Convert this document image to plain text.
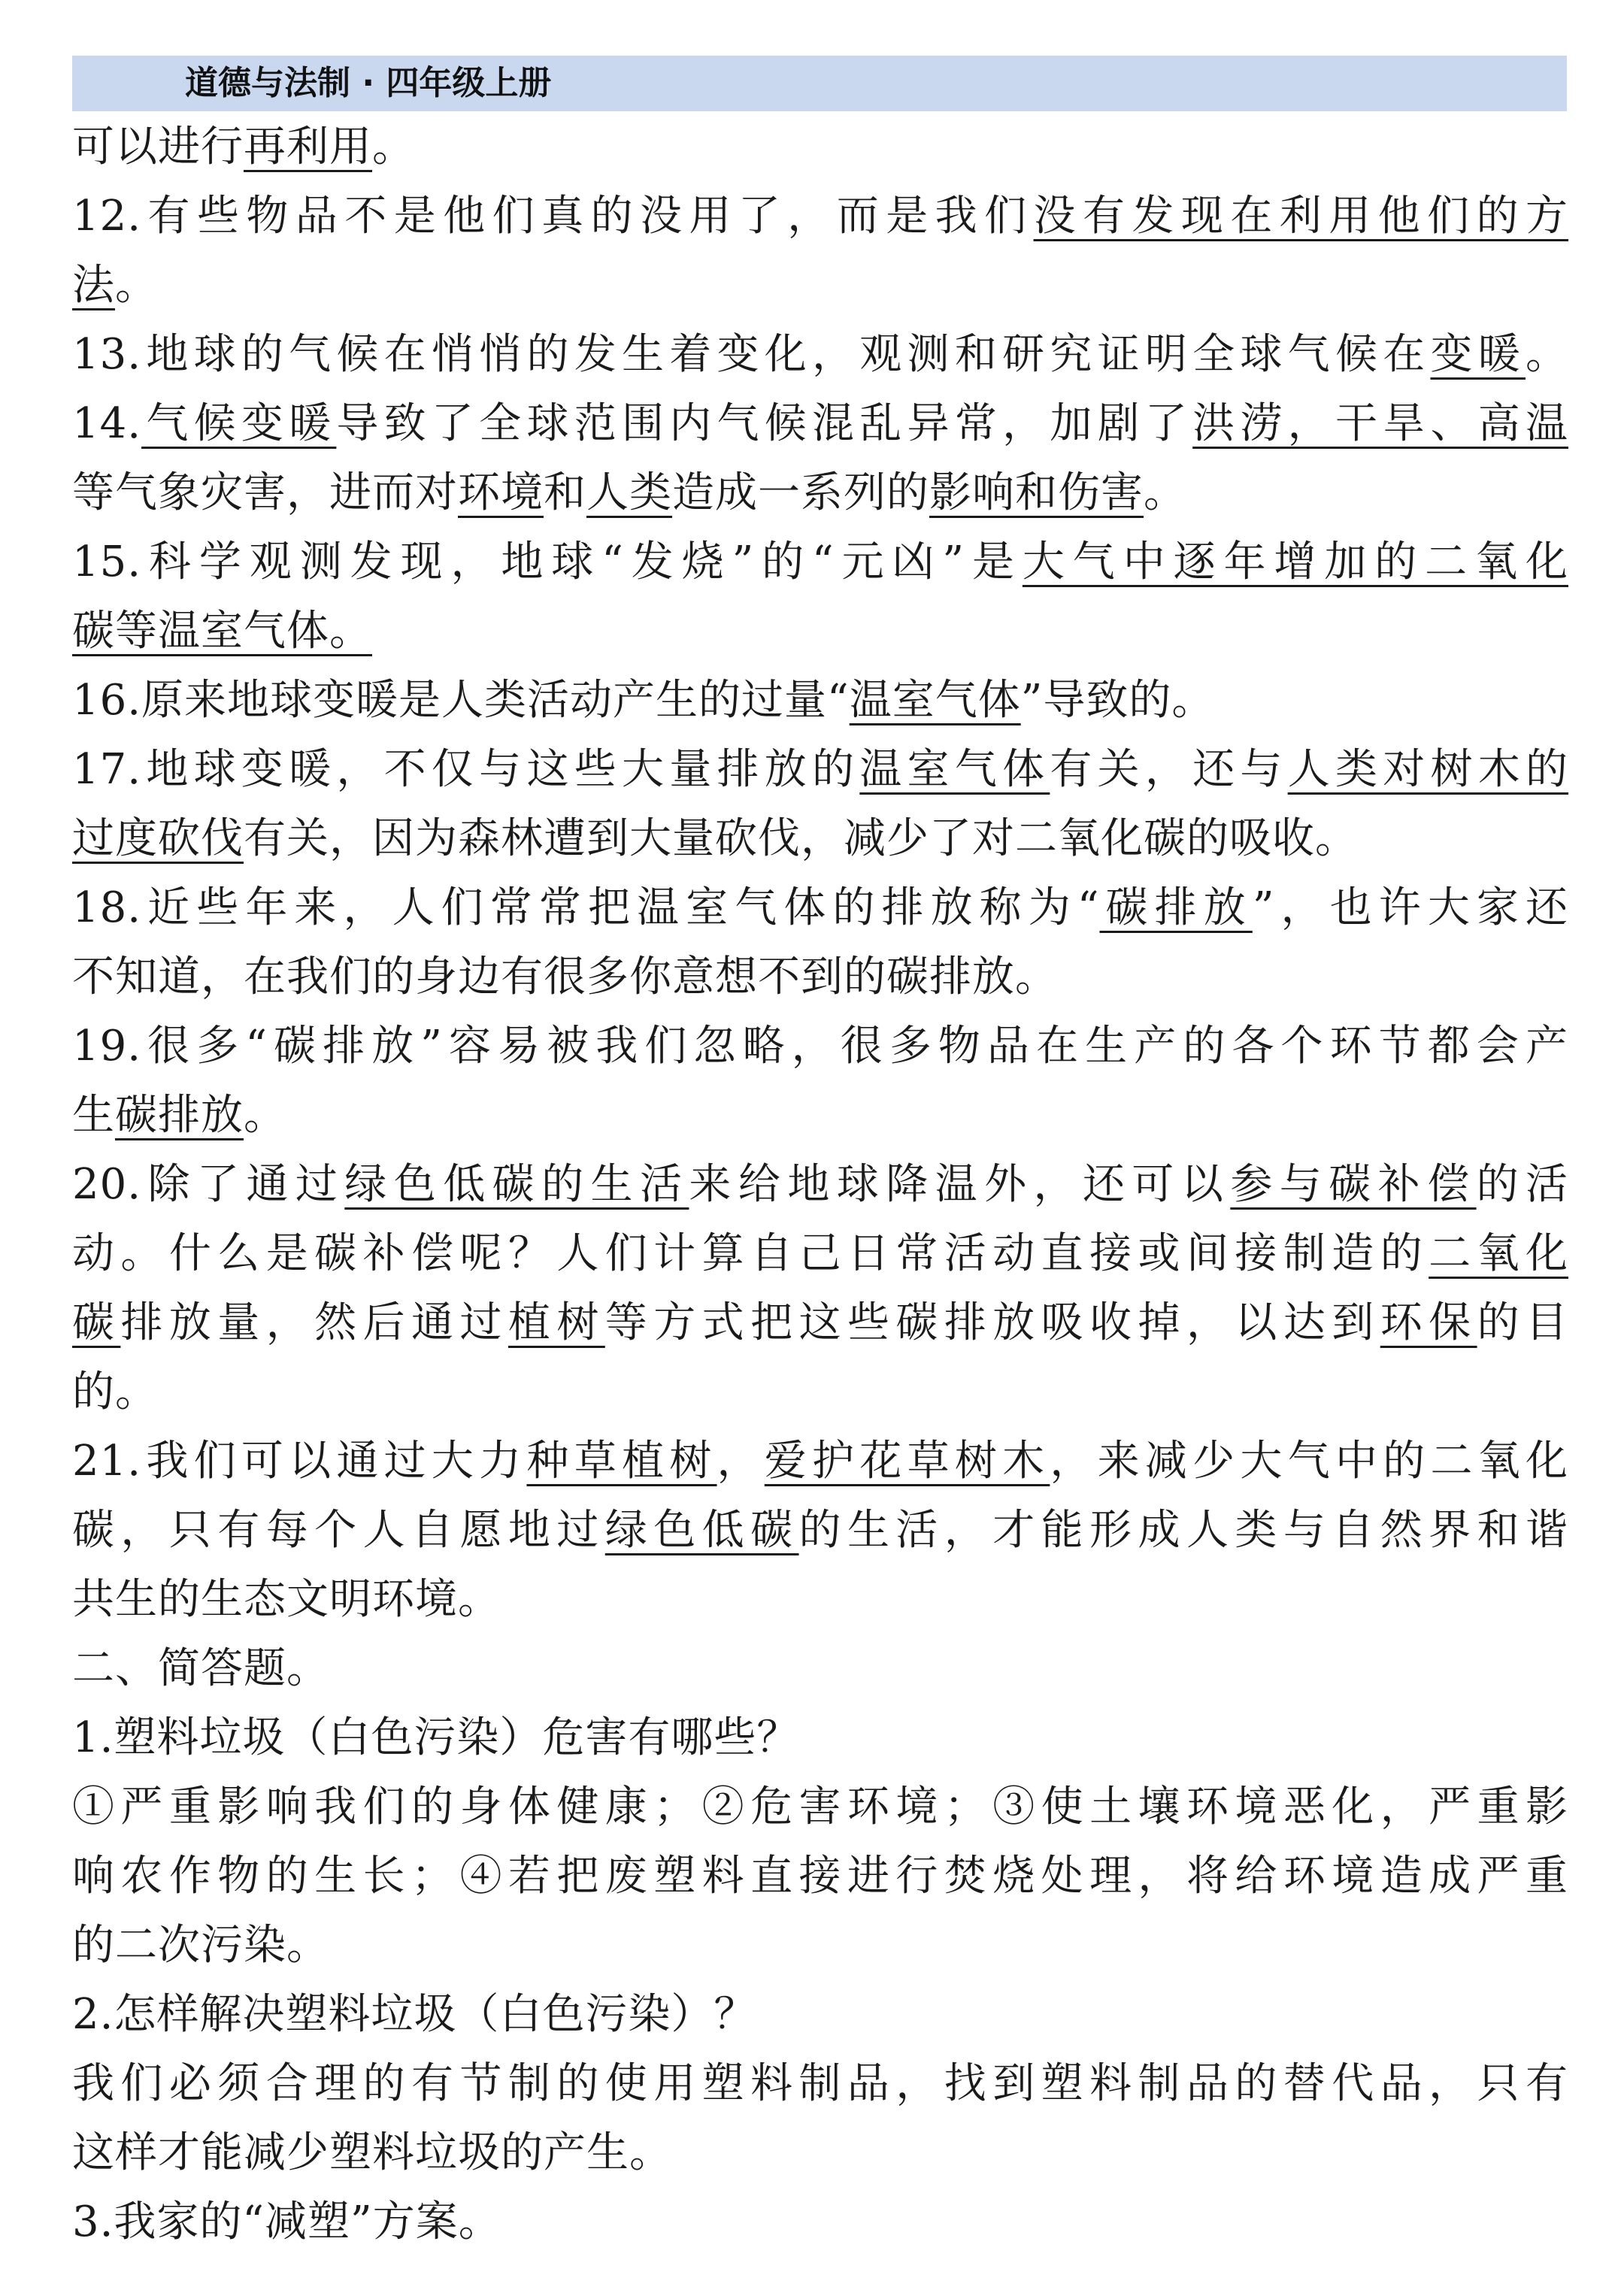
道德与法制 · 四年级上册
可以进行再利用。
12.有些物品不是他们真的没用了，而是我们没有发现在利用他们的方
法。
13.地球的气候在悄悄的发生着变化，观测和研究证明全球气候在变暖。
14.气候变暖导致了全球范围内气候混乱异常，加剧了洪涝，干旱、高温
等气象灾害，进而对环境和人类造成一系列的影响和伤害。
15.科学观测发现，地球“发烧”的“元凶”是大气中逐年增加的二氧化
碳等温室气体。
16.原来地球变暖是人类活动产生的过量“温室气体”导致的。
17.地球变暖，不仅与这些大量排放的温室气体有关，还与人类对树木的
过度砍伐有关，因为森林遭到大量砍伐，减少了对二氧化碳的吸收。
18.近些年来，人们常常把温室气体的排放称为“碳排放”，也许大家还
不知道，在我们的身边有很多你意想不到的碳排放。
19.很多“碳排放”容易被我们忽略，很多物品在生产的各个环节都会产
生碳排放。
20.除了通过绿色低碳的生活来给地球降温外，还可以参与碳补偿的活
动。什么是碳补偿呢？人们计算自己日常活动直接或间接制造的二氧化
碳排放量，然后通过植树等方式把这些碳排放吸收掉，以达到环保的目
的。
21.我们可以通过大力种草植树，爱护花草树木，来减少大气中的二氧化
碳，只有每个人自愿地过绿色低碳的生活，才能形成人类与自然界和谐
共生的生态文明环境。
二、简答题。
1.塑料垃圾（白色污染）危害有哪些？
①严重影响我们的身体健康；②危害环境；③使土壤环境恶化，严重影
响农作物的生长；④若把废塑料直接进行焚烧处理，将给环境造成严重
的二次污染。
2.怎样解决塑料垃圾（白色污染）？
我们必须合理的有节制的使用塑料制品，找到塑料制品的替代品，只有
这样才能减少塑料垃圾的产生。
3.我家的“减塑”方案。
